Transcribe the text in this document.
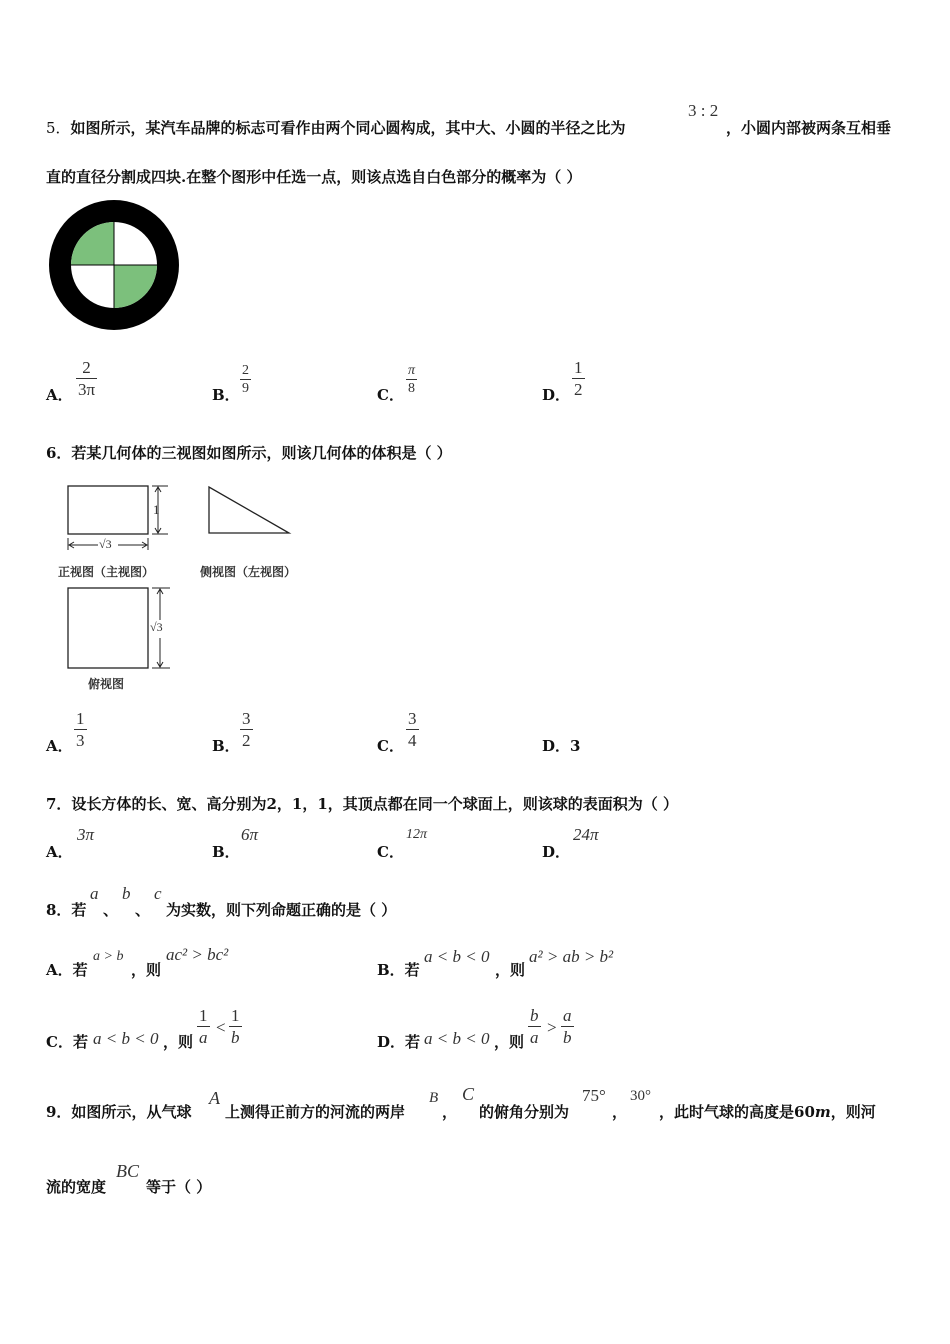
5．如图所示，某汽车品牌的标志可看作由两个同心圆构成，其中大、小圆的半径之比为
3 : 2
，小圆内部被两条互相垂
直的直径分割成四块.在整个图形中任选一点，则该点选自白色部分的概率为（ ）
A． $\frac{2}{3\pi}$	B． $\frac{2}{9}$	C． $\frac{\pi}{8}$	D． $\frac{1}{2}$
6．若某几何体的三视图如图所示，则该几何体的体积是（ ）
1
√3
正视图（主视图）	侧视图（左视图）
√3
俯视图
A． $\frac{1}{3}$	B． $\frac{3}{2}$	C． $\frac{3}{4}$	D．3
7．设长方体的长、宽、高分别为2，1，1，其顶点都在同一个球面上，则该球的表面积为（ ）
A．
3π
B．
6π
C．
12π
D．
24π
8．若
a
、
b
、
c
为实数，则下列命题正确的是（ ）
A．若
a > b
，则
ac² > bc²
B．若
a < b < 0
，则
a² > ab > b²
C．若 a < b < 0 ，则 $\frac{1}{a} < \frac{1}{b}$	D．若 a < b < 0 ，则 $\frac{b}{a} > \frac{a}{b}$
9．如图所示，从气球
A
上测得正前方的河流的两岸
B
，
C
的俯角分别为
75°
，
30°
，此时气球的高度是60m，则河
流的宽度
BC
等于（ ）
